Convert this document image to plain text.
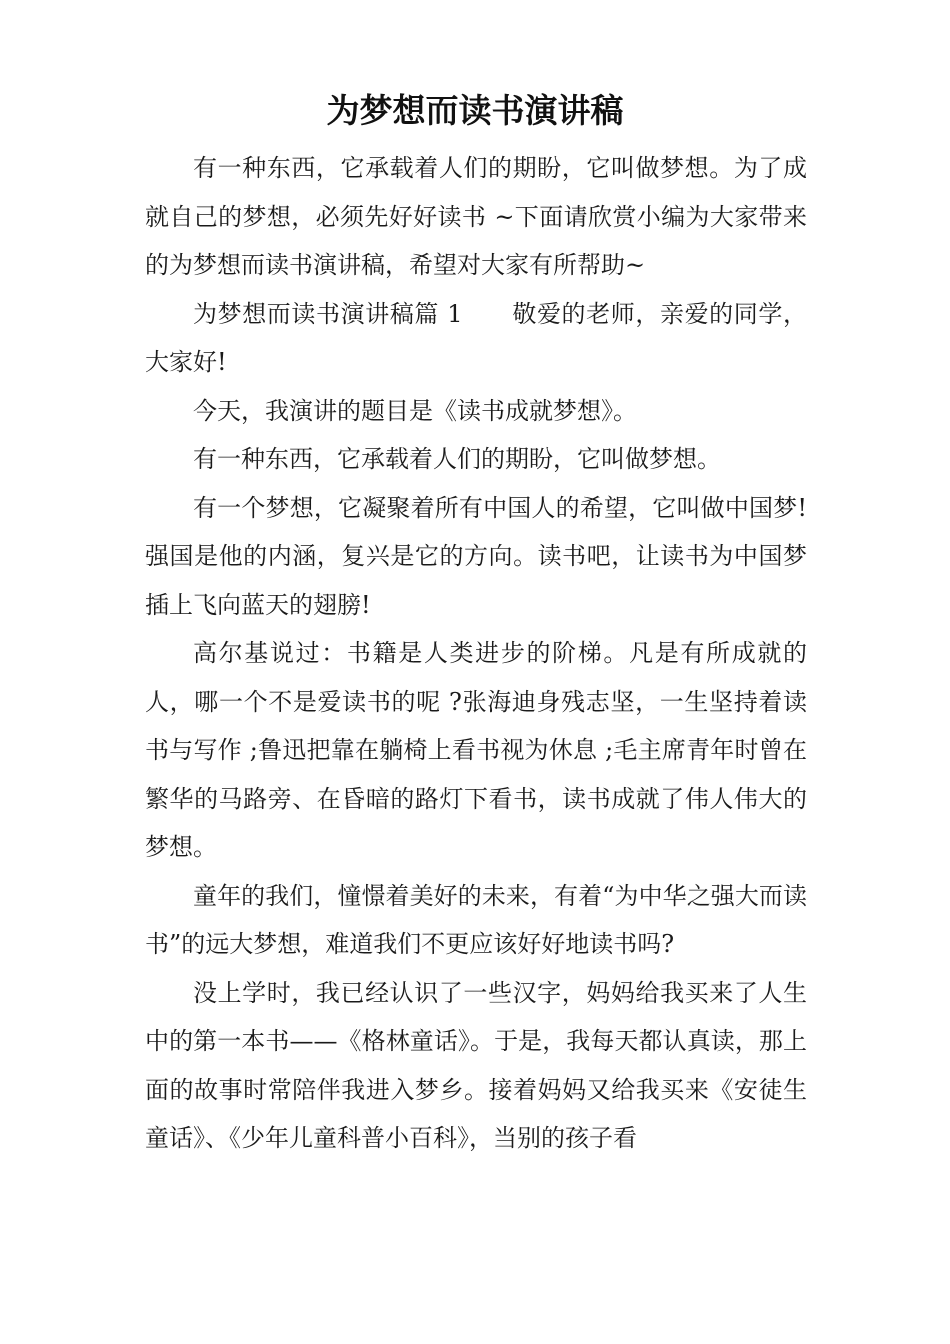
为梦想而读书演讲稿

有一种东西，它承载着人们的期盼，它叫做梦想。为了成就自己的梦想，必须先好好读书 ~下面请欣赏小编为大家带来的为梦想而读书演讲稿，希望对大家有所帮助~

为梦想而读书演讲稿篇 1　　敬爱的老师，亲爱的同学，大家好!

今天，我演讲的题目是《读书成就梦想》。

有一种东西，它承载着人们的期盼，它叫做梦想。

有一个梦想，它凝聚着所有中国人的希望，它叫做中国梦!强国是他的内涵，复兴是它的方向。读书吧，让读书为中国梦插上飞向蓝天的翅膀!

高尔基说过：书籍是人类进步的阶梯。凡是有所成就的人，哪一个不是爱读书的呢 ?张海迪身残志坚，一生坚持着读书与写作 ;鲁迅把靠在躺椅上看书视为休息 ;毛主席青年时曾在繁华的马路旁、在昏暗的路灯下看书，读书成就了伟人伟大的梦想。

童年的我们，憧憬着美好的未来，有着“为中华之强大而读书”的远大梦想，难道我们不更应该好好地读书吗?

没上学时，我已经认识了一些汉字，妈妈给我买来了人生中的第一本书——《格林童话》。于是，我每天都认真读，那上面的故事时常陪伴我进入梦乡。接着妈妈又给我买来《安徒生童话》、《少年儿童科普小百科》，当别的孩子看
